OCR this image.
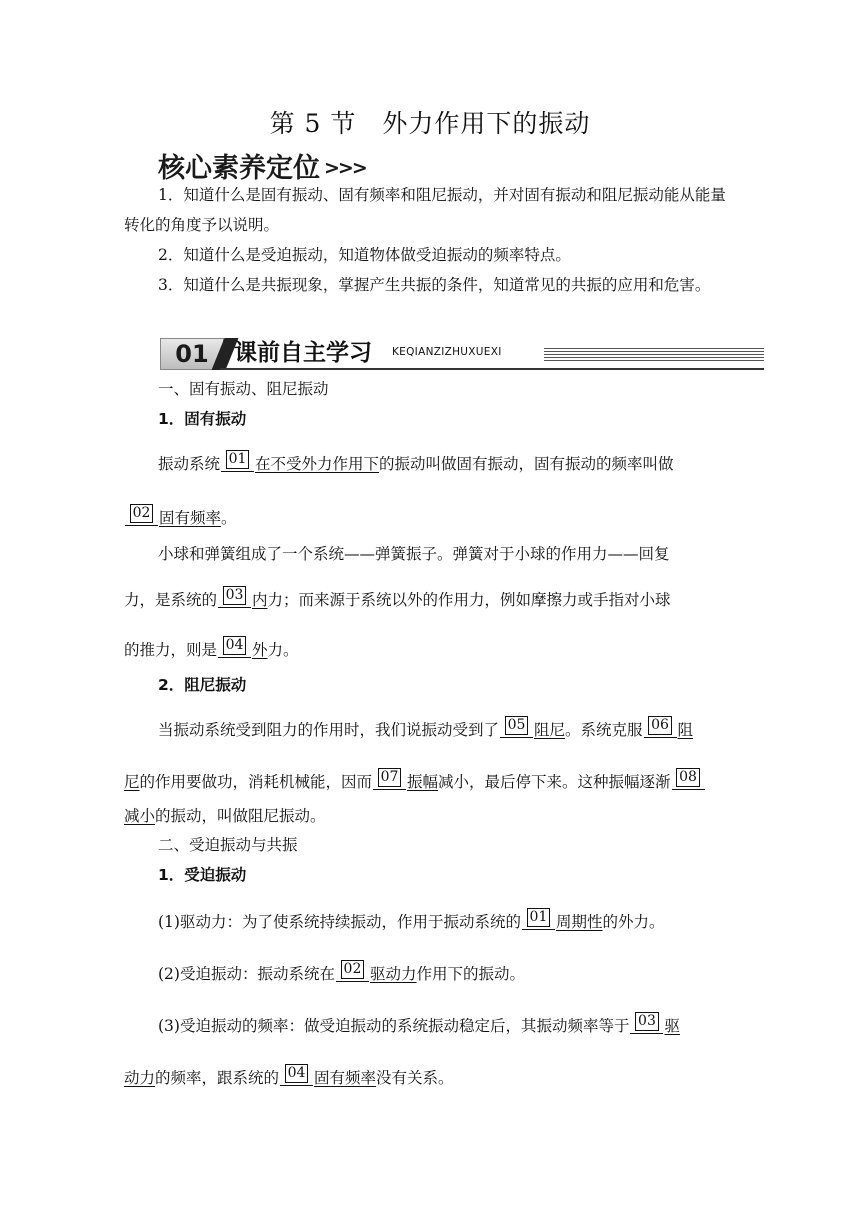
第 5 节　外力作用下的振动
核心素养定位 >>>

1．知道什么是固有振动、固有频率和阻尼振动，并对固有振动和阻尼振动能从能量转化的角度予以说明。

2．知道什么是受迫振动，知道物体做受迫振动的频率特点。

3．知道什么是共振现象，掌握产生共振的条件，知道常见的共振的应用和危害。

01	课前自主学习 KEQIANZIZHUXUEXI
一、固有振动、阻尼振动
1．固有振动
振动系统 01 在不受外力作用下的振动叫做固有振动，固有振动的频率叫做
02 固有频率。
小球和弹簧组成了一个系统——弹簧振子。弹簧对于小球的作用力——回复
力，是系统的 03 内力；而来源于系统以外的作用力，例如摩擦力或手指对小球
的推力，则是 04 外力。
2．阻尼振动
当振动系统受到阻力的作用时，我们说振动受到了 05 阻尼。系统克服 06 阻
尼的作用要做功，消耗机械能，因而 07 振幅减小，最后停下来。这种振幅逐渐 08
减小的振动，叫做阻尼振动。
二、受迫振动与共振
1．受迫振动
(1)驱动力：为了使系统持续振动，作用于振动系统的 01 周期性的外力。
(2)受迫振动：振动系统在 02 驱动力作用下的振动。
(3)受迫振动的频率：做受迫振动的系统振动稳定后，其振动频率等于 03 驱
动力的频率，跟系统的 04 固有频率没有关系。
